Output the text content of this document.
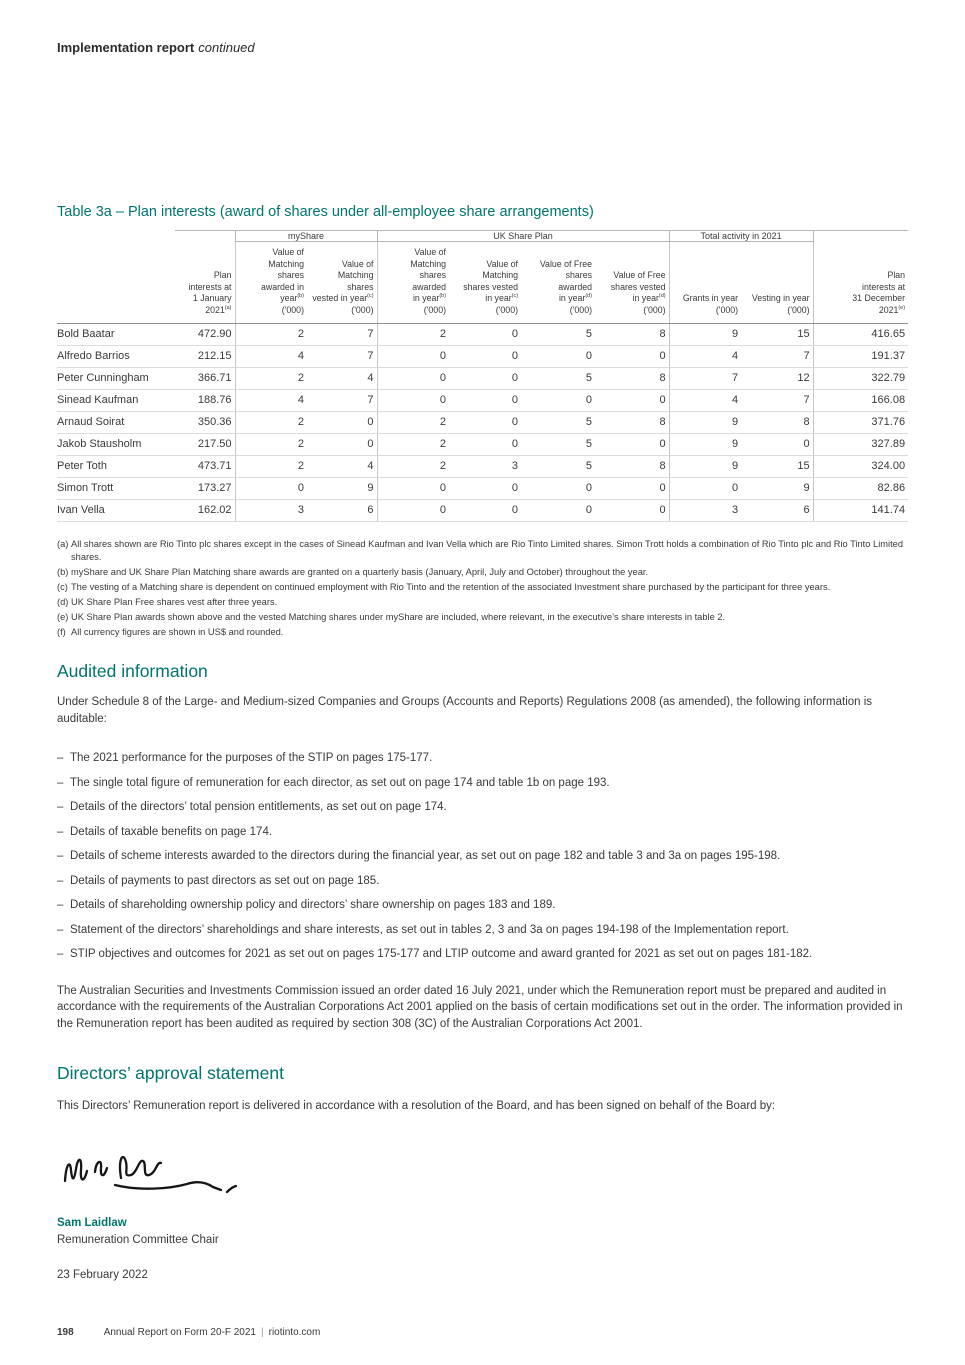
Implementation report continued
Table 3a – Plan interests (award of shares under all-employee share arrangements)
		myShare		UK Share Plan				Total activity in 2021		
	Plan
interests at
1 January
2021$^{(a)}$	Value of
Matching
shares
awarded in
year$^{(b)}$
('000)	Value of
Matching
shares
vested in year$^{(c)}$
('000)	Value of
Matching
shares
awarded
in year$^{(b)}$
('000)	Value of
Matching
shares vested
in year$^{(c)}$
('000)	Value of Free
shares
awarded
in year$^{(d)}$
('000)	Value of Free
shares vested
in year$^{(d)}$
('000)	Grants in year
('000)	Vesting in year
('000)	Plan
interests at
31 December
2021$^{(e)}$
Bold Baatar	472.90	2	7	2	0	5	8	9	15	416.65
Alfredo Barrios	212.15	4	7	0	0	0	0	4	7	191.37
Peter Cunningham	366.71	2	4	0	0	5	8	7	12	322.79
Sinead Kaufman	188.76	4	7	0	0	0	0	4	7	166.08
Arnaud Soirat	350.36	2	0	2	0	5	8	9	8	371.76
Jakob Stausholm	217.50	2	0	2	0	5	0	9	0	327.89
Peter Toth	473.71	2	4	2	3	5	8	9	15	324.00
Simon Trott	173.27	0	9	0	0	0	0	0	9	82.86
Ivan Vella	162.02	3	6	0	0	0	0	3	6	141.74
(a) All shares shown are Rio Tinto plc shares except in the cases of Sinead Kaufman and Ivan Vella which are Rio Tinto Limited shares. Simon Trott holds a combination of Rio Tinto plc and Rio Tinto Limited shares.
(b) myShare and UK Share Plan Matching share awards are granted on a quarterly basis (January, April, July and October) throughout the year.
(c) The vesting of a Matching share is dependent on continued employment with Rio Tinto and the retention of the associated Investment share purchased by the participant for three years.
(d) UK Share Plan Free shares vest after three years.
(e) UK Share Plan awards shown above and the vested Matching shares under myShare are included, where relevant, in the executive’s share interests in table 2.
(f) All currency figures are shown in US$ and rounded.
Audited information
Under Schedule 8 of the Large- and Medium-sized Companies and Groups (Accounts and Reports) Regulations 2008 (as amended), the following information is auditable:
– The 2021 performance for the purposes of the STIP on pages 175-177.
– The single total figure of remuneration for each director, as set out on page 174 and table 1b on page 193.
– Details of the directors’ total pension entitlements, as set out on page 174.
– Details of taxable benefits on page 174.
– Details of scheme interests awarded to the directors during the financial year, as set out on page 182 and table 3 and 3a on pages 195-198.
– Details of payments to past directors as set out on page 185.
– Details of shareholding ownership policy and directors’ share ownership on pages 183 and 189.
– Statement of the directors’ shareholdings and share interests, as set out in tables 2, 3 and 3a on pages 194-198 of the Implementation report.
– STIP objectives and outcomes for 2021 as set out on pages 175-177 and LTIP outcome and award granted for 2021 as set out on pages 181-182.
The Australian Securities and Investments Commission issued an order dated 16 July 2021, under which the Remuneration report must be prepared and audited in accordance with the requirements of the Australian Corporations Act 2001 applied on the basis of certain modifications set out in the order. The information provided in the Remuneration report has been audited as required by section 308 (3C) of the Australian Corporations Act 2001.
Directors’ approval statement
This Directors’ Remuneration report is delivered in accordance with a resolution of the Board, and has been signed on behalf of the Board by:
Sam Laidlaw
Remuneration Committee Chair
23 February 2022
198	Annual Report on Form 20-F 2021 | riotinto.com
